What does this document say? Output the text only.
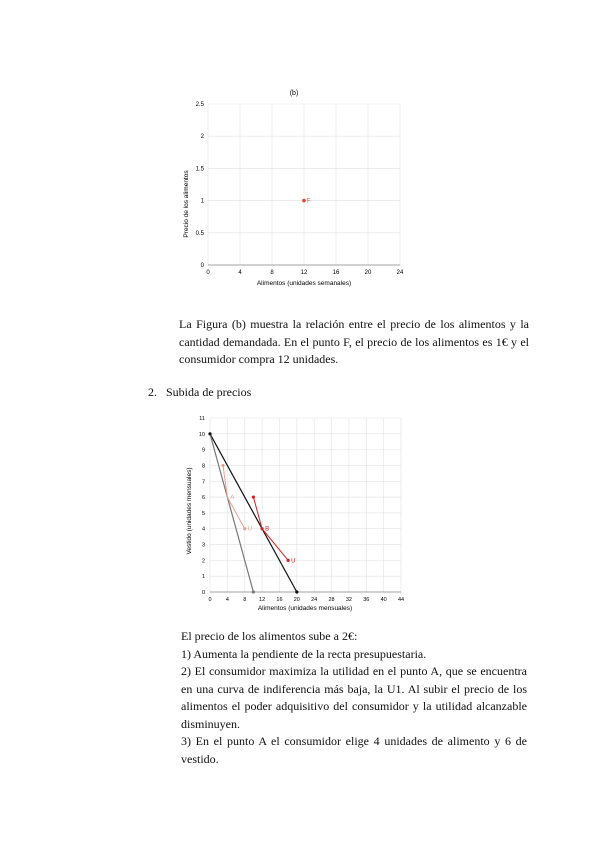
(b)
0	4	8	12	16	20	24
0
0.5
1
1.5
2
2.5
F
Alimentos (unidades semanales)
Precio de los alimentos

La Figura (b) muestra la relación entre el precio de los alimentos y la cantidad demandada. En el punto F, el precio de los alimentos es 1€ y el consumidor compra 12 unidades.

2. Subida de precios
0	4	8 12 16 20 24 28 32 36 40 44
0
1
2
3
4
5
6
7
8
9
10
11
A
U B
U
Alimentos (unidades mensuales)
Vestido (unidades mensuales)

El precio de los alimentos sube a 2€:

1) Aumenta la pendiente de la recta presupuestaria.

2) El consumidor maximiza la utilidad en el punto A, que se encuentra en una curva de indiferencia más baja, la U1. Al subir el precio de los alimentos el poder adquisitivo del consumidor y la utilidad alcanzable disminuyen.

3) En el punto A el consumidor elige 4 unidades de alimento y 6 de vestido.
